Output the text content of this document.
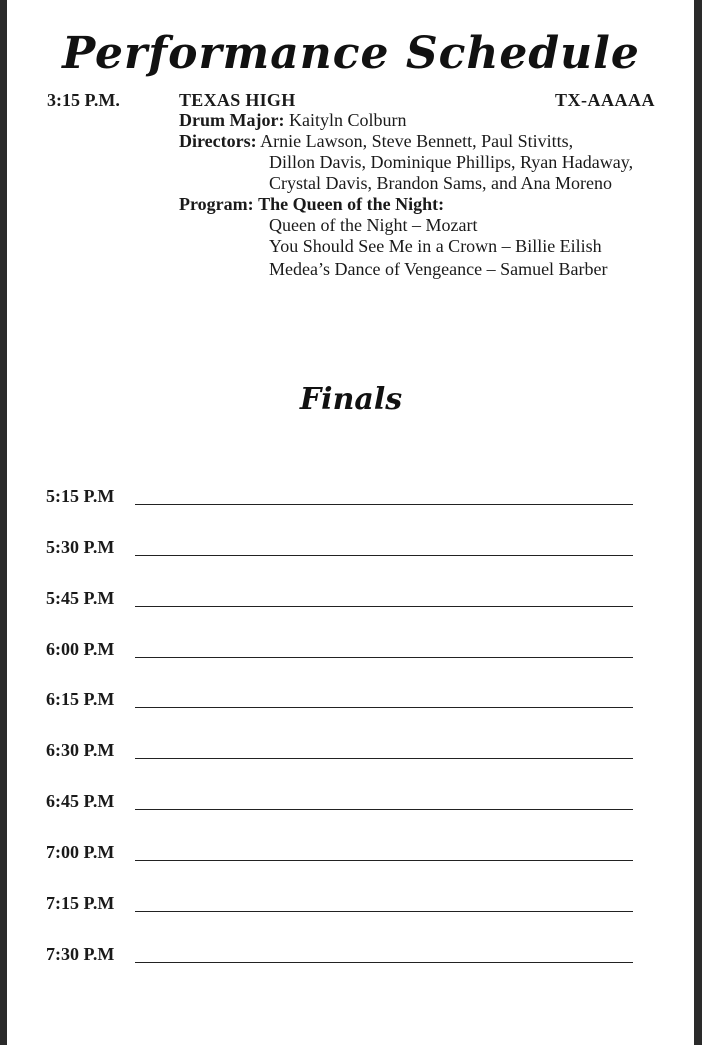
Performance Schedule
3:15 P.M.	TEXAS HIGH	TX-AAAAA
Drum Major: Kaityln Colburn
Directors: Arnie Lawson, Steve Bennett, Paul Stivitts,
Dillon Davis, Dominique Phillips, Ryan Hadaway,
Crystal Davis, Brandon Sams, and Ana Moreno
Program: The Queen of the Night:
Queen of the Night – Mozart
You Should See Me in a Crown – Billie Eilish
Medea’s Dance of Vengeance – Samuel Barber
Finals
5:15 P.M
5:30 P.M
5:45 P.M
6:00 P.M
6:15 P.M
6:30 P.M
6:45 P.M
7:00 P.M
7:15 P.M
7:30 P.M
